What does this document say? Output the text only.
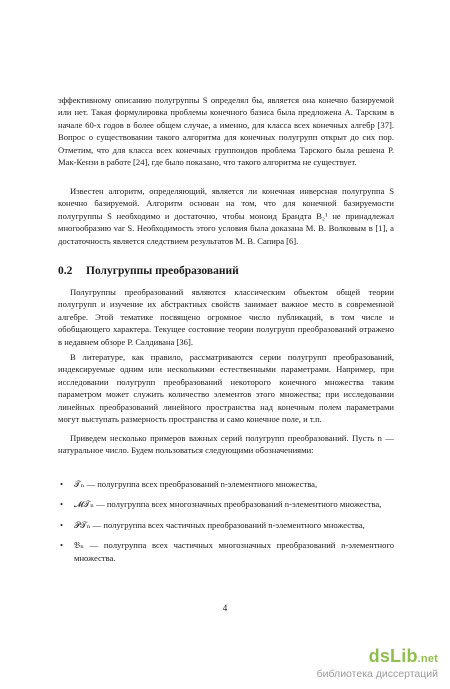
эффективному описанию полугруппы S определял бы, является она конечно базируемой или нет. Такая формулировка проблемы конечного базиса была предложена А. Тарским в начале 60-х годов в более общем случае, а именно, для класса всех конечных алгебр [37]. Вопрос о существовании такого алгоритма для конечных полугрупп открыт до сих пор. Отметим, что для класса всех конечных группоидов проблема Тарского была решена Р. Мак-Кензи в работе [24], где было показано, что такого алгоритма не существует.
Известен алгоритм, определяющий, является ли конечная инверсная полугруппа S конечно базируемой. Алгоритм основан на том, что для конечной базируемости полугруппы S необходимо и достаточно, чтобы моноид Брандта B₂¹ не принадлежал многообразию var S. Необходимость этого условия была доказана М. В. Волковым в [1], а достаточность является следствием результатов М. В. Сапира [6].
0.2 Полугруппы преобразований
Полугруппы преобразований являются классическим объектом общей теории полугрупп и изучение их абстрактных свойств занимает важное место в современной алгебре. Этой тематике посвящено огромное число публикаций, в том числе и обобщающего характера. Текущее состояние теории полугрупп преобразований отражено в недавнем обзоре Р. Салдивана [36].
В литературе, как правило, рассматриваются серии полугрупп преобразований, индексируемые одним или несколькими естественными параметрами. Например, при исследовании полугрупп преобразований некоторого конечного множества таким параметром может служить количество элементов этого множества; при исследовании линейных преобразований линейного пространства над конечным полем параметрами могут выступать размерность пространства и само конечное поле, и т.п.
Приведем несколько примеров важных серий полугрупп преобразований. Пусть n — натуральное число. Будем пользоваться следующими обозначениями:
•	𝒯ₙ — полугруппа всех преобразований n-элементного множества,
•	𝓜𝒯ₙ — полугруппа всех многозначных преобразований n-элементного множества,
•	𝒫𝒯ₙ — полугруппа всех частичных преобразований n-элементного множества,
•	𝔅ₙ — полугруппа всех частичных многозначных преобразований n-элементного множества.
4
dsLib.net
библиотека диссертаций
